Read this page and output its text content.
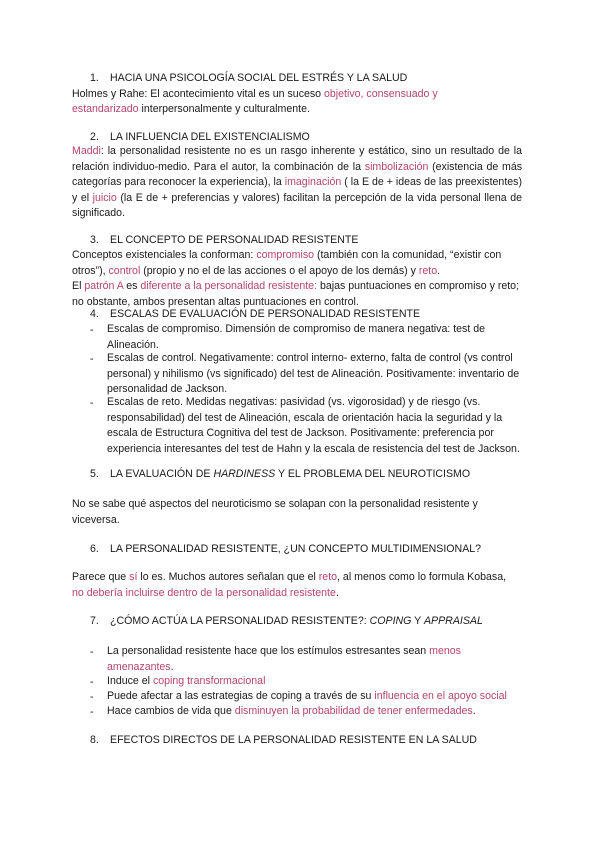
1. HACIA UNA PSICOLOGÍA SOCIAL DEL ESTRÉS Y LA SALUD
Holmes y Rahe: El acontecimiento vital es un suceso objetivo, consensuado y
estandarizado interpersonalmente y culturalmente.
2. LA INFLUENCIA DEL EXISTENCIALISMO
Maddi: la personalidad resistente no es un rasgo inherente y estático, sino un resultado de la relación individuo-medio. Para el autor, la combinación de la simbolización (existencia de más categorías para reconocer la experiencia), la imaginación ( la E de + ideas de las preexistentes) y el juicio (la E de + preferencias y valores) facilitan la percepción de la vida personal llena de significado.
3. EL CONCEPTO DE PERSONALIDAD RESISTENTE
Conceptos existenciales la conforman: compromiso (también con la comunidad, “existir con otros”), control (propio y no el de las acciones o el apoyo de los demás) y reto.
El patrón A es diferente a la personalidad resistente: bajas puntuaciones en compromiso y reto; no obstante, ambos presentan altas puntuaciones en control.
4. ESCALAS DE EVALUACIÓN DE PERSONALIDAD RESISTENTE
- Escalas de compromiso. Dimensión de compromiso de manera negativa: test de Alineación.
- Escalas de control. Negativamente: control interno- externo, falta de control (vs control personal) y nihilismo (vs significado) del test de Alineación. Positivamente: inventario de personalidad de Jackson.
- Escalas de reto. Medidas negativas: pasividad (vs. vigorosidad) y de riesgo (vs. responsabilidad) del test de Alineación, escala de orientación hacia la seguridad y la escala de Estructura Cognitiva del test de Jackson. Positivamente: preferencia por experiencia interesantes del test de Hahn y la escala de resistencia del test de Jackson.
5. LA EVALUACIÓN DE HARDINESS Y EL PROBLEMA DEL NEUROTICISMO
No se sabe qué aspectos del neuroticismo se solapan con la personalidad resistente y viceversa.
6. LA PERSONALIDAD RESISTENTE, ¿UN CONCEPTO MULTIDIMENSIONAL?
Parece que sí lo es. Muchos autores señalan que el reto, al menos como lo formula Kobasa,
no debería incluirse dentro de la personalidad resistente.
7. ¿CÓMO ACTÚA LA PERSONALIDAD RESISTENTE?: COPING Y APPRAISAL
- La personalidad resistente hace que los estímulos estresantes sean menos
amenazantes.
- Induce el coping transformacional
- Puede afectar a las estrategias de coping a través de su influencia en el apoyo social
- Hace cambios de vida que disminuyen la probabilidad de tener enfermedades.
8. EFECTOS DIRECTOS DE LA PERSONALIDAD RESISTENTE EN LA SALUD
